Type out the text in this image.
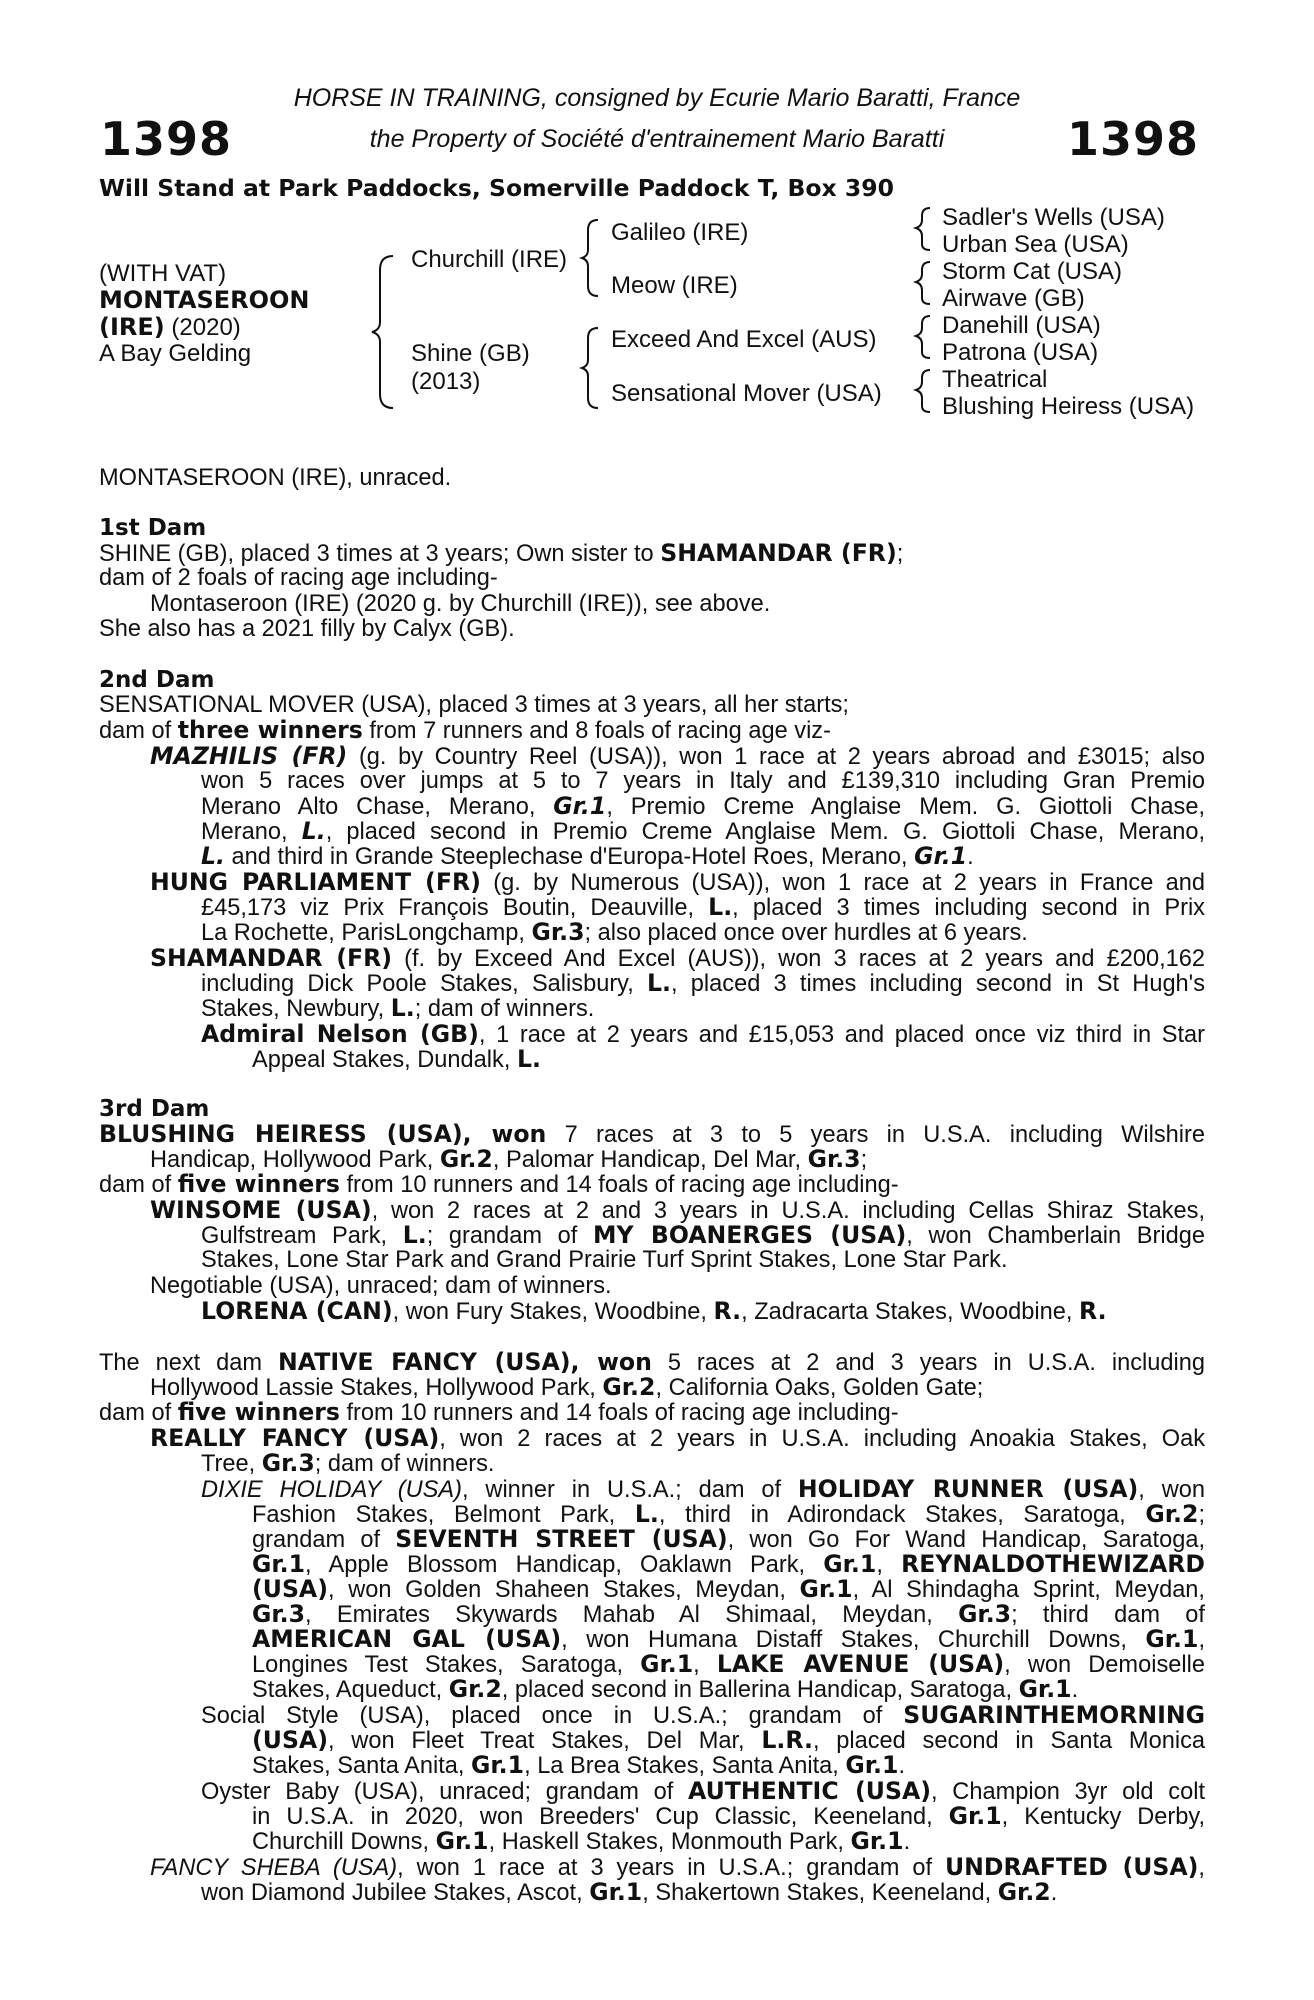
1398	1398
HORSE IN TRAINING, consigned by Ecurie Mario Baratti, France
the Property of Société d'entrainement Mario Baratti
Will Stand at Park Paddocks, Somerville Paddock T, Box 390
(WITH VAT)
MONTASEROON
(IRE) (2020)
A Bay Gelding
Churchill (IRE)
Shine (GB)
(2013)
Galileo (IRE)
Meow (IRE)
Exceed And Excel (AUS)
Sensational Mover (USA)
Sadler's Wells (USA)
Urban Sea (USA)
Storm Cat (USA)
Airwave (GB)
Danehill (USA)
Patrona (USA)
Theatrical
Blushing Heiress (USA)
MONTASEROON (IRE), unraced.
1st Dam
SHINE (GB), placed 3 times at 3 years; Own sister to SHAMANDAR (FR);
dam of 2 foals of racing age including-
Montaseroon (IRE) (2020 g. by Churchill (IRE)), see above.
She also has a 2021 filly by Calyx (GB).
2nd Dam
SENSATIONAL MOVER (USA), placed 3 times at 3 years, all her starts;
dam of three winners from 7 runners and 8 foals of racing age viz-
MAZHILIS (FR) (g. by Country Reel (USA)), won 1 race at 2 years abroad and £3015; also
won 5 races over jumps at 5 to 7 years in Italy and £139,310 including Gran Premio
Merano Alto Chase, Merano, Gr.1, Premio Creme Anglaise Mem. G. Giottoli Chase,
Merano, L., placed second in Premio Creme Anglaise Mem. G. Giottoli Chase, Merano,
L. and third in Grande Steeplechase d'Europa-Hotel Roes, Merano, Gr.1.
HUNG PARLIAMENT (FR) (g. by Numerous (USA)), won 1 race at 2 years in France and
£45,173 viz Prix François Boutin, Deauville, L., placed 3 times including second in Prix
La Rochette, ParisLongchamp, Gr.3; also placed once over hurdles at 6 years.
SHAMANDAR (FR) (f. by Exceed And Excel (AUS)), won 3 races at 2 years and £200,162
including Dick Poole Stakes, Salisbury, L., placed 3 times including second in St Hugh's
Stakes, Newbury, L.; dam of winners.
Admiral Nelson (GB), 1 race at 2 years and £15,053 and placed once viz third in Star
Appeal Stakes, Dundalk, L.
3rd Dam
BLUSHING HEIRESS (USA), won 7 races at 3 to 5 years in U.S.A. including Wilshire
Handicap, Hollywood Park, Gr.2, Palomar Handicap, Del Mar, Gr.3;
dam of five winners from 10 runners and 14 foals of racing age including-
WINSOME (USA), won 2 races at 2 and 3 years in U.S.A. including Cellas Shiraz Stakes,
Gulfstream Park, L.; grandam of MY BOANERGES (USA), won Chamberlain Bridge
Stakes, Lone Star Park and Grand Prairie Turf Sprint Stakes, Lone Star Park.
Negotiable (USA), unraced; dam of winners.
LORENA (CAN), won Fury Stakes, Woodbine, R., Zadracarta Stakes, Woodbine, R.
The next dam NATIVE FANCY (USA), won 5 races at 2 and 3 years in U.S.A. including
Hollywood Lassie Stakes, Hollywood Park, Gr.2, California Oaks, Golden Gate;
dam of five winners from 10 runners and 14 foals of racing age including-
REALLY FANCY (USA), won 2 races at 2 years in U.S.A. including Anoakia Stakes, Oak
Tree, Gr.3; dam of winners.
DIXIE HOLIDAY (USA), winner in U.S.A.; dam of HOLIDAY RUNNER (USA), won
Fashion Stakes, Belmont Park, L., third in Adirondack Stakes, Saratoga, Gr.2;
grandam of SEVENTH STREET (USA), won Go For Wand Handicap, Saratoga,
Gr.1, Apple Blossom Handicap, Oaklawn Park, Gr.1, REYNALDOTHEWIZARD
(USA), won Golden Shaheen Stakes, Meydan, Gr.1, Al Shindagha Sprint, Meydan,
Gr.3, Emirates Skywards Mahab Al Shimaal, Meydan, Gr.3; third dam of
AMERICAN GAL (USA), won Humana Distaff Stakes, Churchill Downs, Gr.1,
Longines Test Stakes, Saratoga, Gr.1, LAKE AVENUE (USA), won Demoiselle
Stakes, Aqueduct, Gr.2, placed second in Ballerina Handicap, Saratoga, Gr.1.
Social Style (USA), placed once in U.S.A.; grandam of SUGARINTHEMORNING
(USA), won Fleet Treat Stakes, Del Mar, L.R., placed second in Santa Monica
Stakes, Santa Anita, Gr.1, La Brea Stakes, Santa Anita, Gr.1.
Oyster Baby (USA), unraced; grandam of AUTHENTIC (USA), Champion 3yr old colt
in U.S.A. in 2020, won Breeders' Cup Classic, Keeneland, Gr.1, Kentucky Derby,
Churchill Downs, Gr.1, Haskell Stakes, Monmouth Park, Gr.1.
FANCY SHEBA (USA), won 1 race at 3 years in U.S.A.; grandam of UNDRAFTED (USA),
won Diamond Jubilee Stakes, Ascot, Gr.1, Shakertown Stakes, Keeneland, Gr.2.
